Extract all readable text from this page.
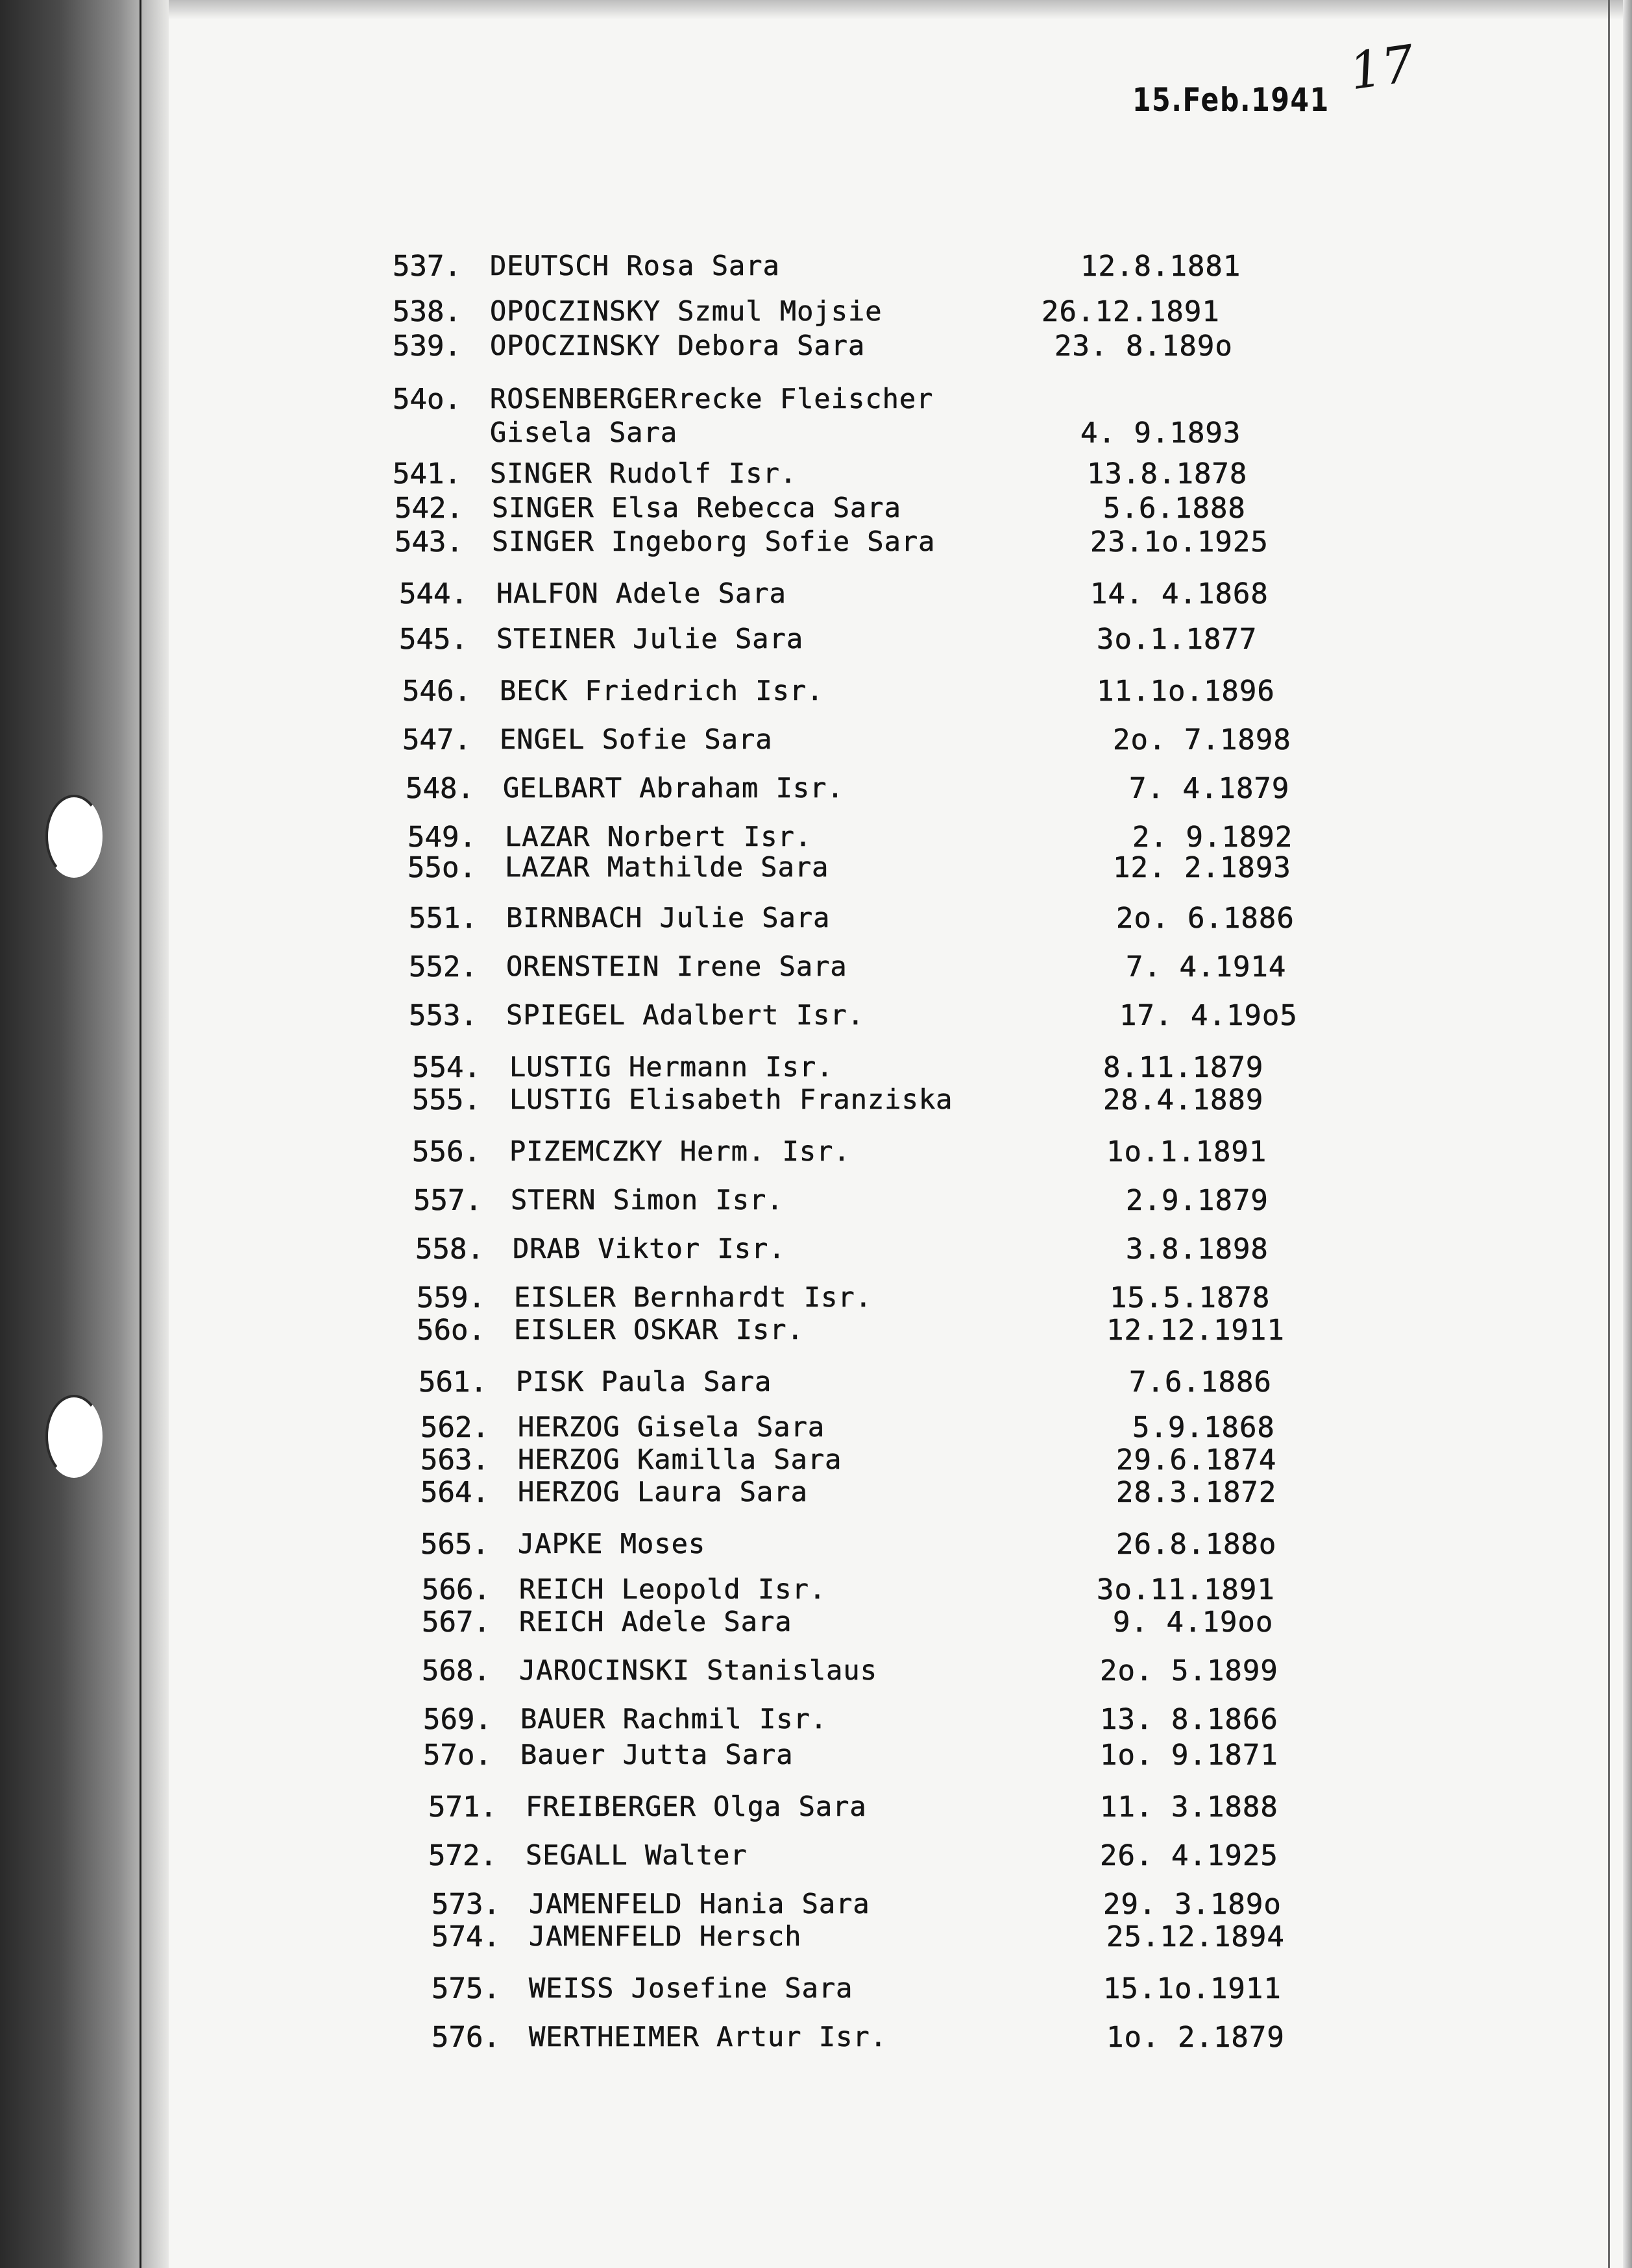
15.Feb.1941 17
537. DEUTSCH Rosa Sara	12.8.1881
538. OPOCZINSKY Szmul Mojsie	26.12.1891
539. OPOCZINSKY Debora Sara	23. 8.189o
54o. ROSENBERGERrecke Fleischer
Gisela Sara	4. 9.1893
541. SINGER Rudolf Isr.	13.8.1878
542. SINGER Elsa Rebecca Sara	5.6.1888
543. SINGER Ingeborg Sofie Sara	23.1o.1925
544. HALFON Adele Sara	14. 4.1868
545. STEINER Julie Sara	3o.1.1877
546. BECK Friedrich Isr.	11.1o.1896
547. ENGEL Sofie Sara	2o. 7.1898
548. GELBART Abraham Isr.	7. 4.1879
549. LAZAR Norbert Isr.	2. 9.1892
55o. LAZAR Mathilde Sara	12. 2.1893
551. BIRNBACH Julie Sara	2o. 6.1886
552. ORENSTEIN Irene Sara	7. 4.1914
553. SPIEGEL Adalbert Isr.	17. 4.19o5
554. LUSTIG Hermann Isr.	8.11.1879
555. LUSTIG Elisabeth Franziska	28.4.1889
556. PIZEMCZKY Herm. Isr.	1o.1.1891
557. STERN Simon Isr.	2.9.1879
558. DRAB Viktor Isr.	3.8.1898
559. EISLER Bernhardt Isr.	15.5.1878
56o. EISLER OSKAR Isr.	12.12.1911
561. PISK Paula Sara	7.6.1886
562. HERZOG Gisela Sara	5.9.1868
563. HERZOG Kamilla Sara	29.6.1874
564. HERZOG Laura Sara	28.3.1872
565. JAPKE Moses	26.8.188o
566. REICH Leopold Isr.	3o.11.1891
567. REICH Adele Sara	9. 4.19oo
568. JAROCINSKI Stanislaus	2o. 5.1899
569. BAUER Rachmil Isr.	13. 8.1866
57o. Bauer Jutta Sara	1o. 9.1871
571. FREIBERGER Olga Sara	11. 3.1888
572. SEGALL Walter	26. 4.1925
573. JAMENFELD Hania Sara	29. 3.189o
574. JAMENFELD Hersch	25.12.1894
575. WEISS Josefine Sara	15.1o.1911
576. WERTHEIMER Artur Isr.	1o. 2.1879
